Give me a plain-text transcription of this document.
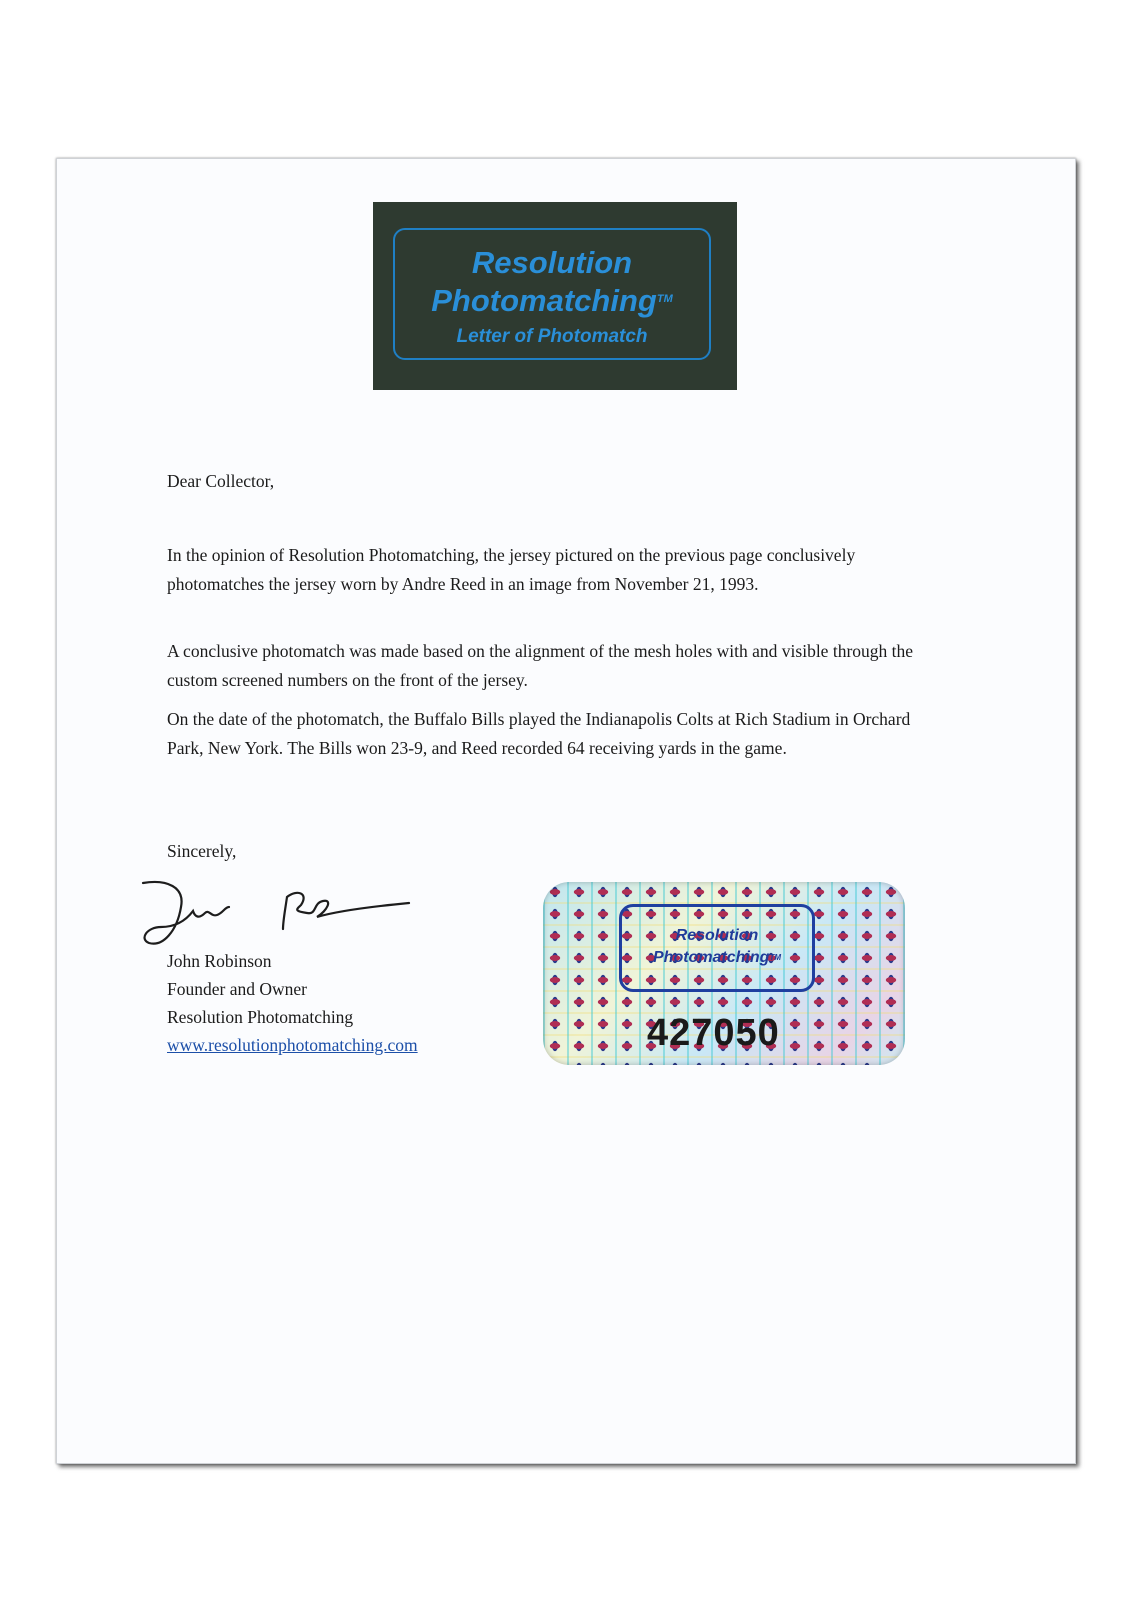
Resolution
Photomatching™
Letter of Photomatch
Dear Collector,

In the opinion of Resolution Photomatching, the jersey pictured on the previous page conclusively photomatches the jersey worn by Andre Reed in an image from November 21, 1993.

A conclusive photomatch was made based on the alignment of the mesh holes with and visible through the custom screened numbers on the front of the jersey.

On the date of the photomatch, the Buffalo Bills played the Indianapolis Colts at Rich Stadium in Orchard Park, New York. The Bills won 23-9, and Reed recorded 64 receiving yards in the game.

Sincerely,
John Robinson
Founder and Owner
Resolution Photomatching
www.resolutionphotomatching.com
Resolution
Photomatching™
427050
